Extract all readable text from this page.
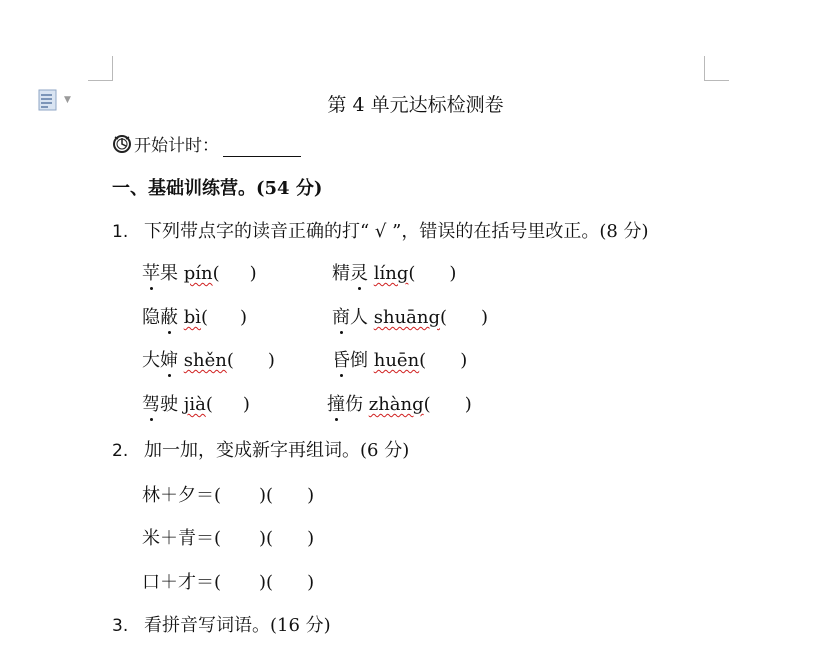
▼	第 4 单元达标检测卷
开始计时：
一、基础训练营。(54 分)
1. 下列带点字的读音正确的打“ √ ”，错误的在括号里改正。(8 分)
苹果 pín( )	精灵 líng( )
隐蔽 bì( )	商人 shuāng( )
大婶 shěn( )	昏倒 huēn( )
驾驶 jià( )	撞伤 zhàng( )
2. 加一加，变成新字再组词。(6 分)
林＋夕＝( )( )
米＋青＝( )( )
口＋才＝( )( )
3. 看拼音写词语。(16 分)
